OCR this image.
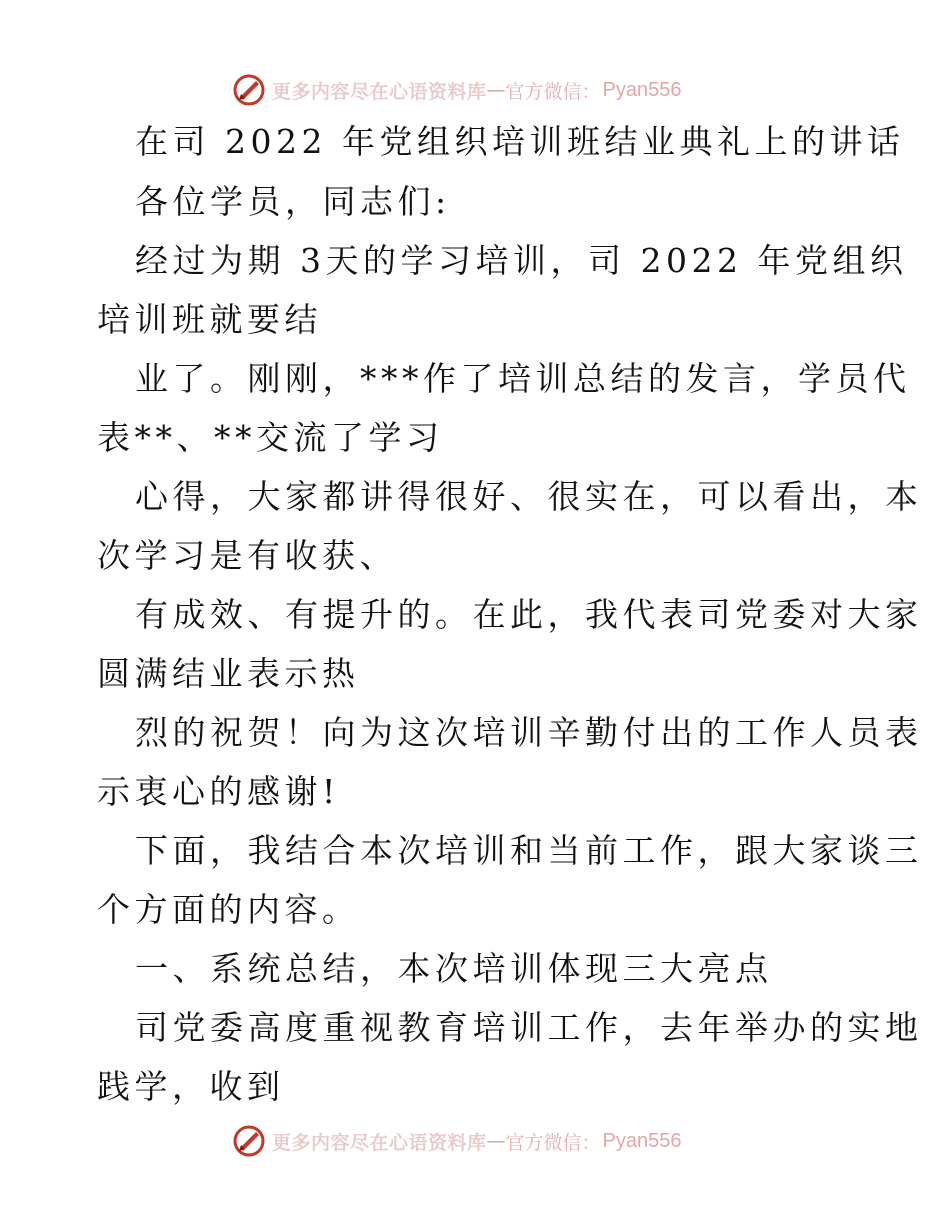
更多内容尽在心语资料库 — 官方微信： Pyan556
在司 2022 年党组织培训班结业典礼上的讲话
各位学员，同志们:
经过为期 3天的学习培训，司 2022 年党组织
培训班就要结
业了。刚刚，***作了培训总结的发言，学员代
表**、**交流了学习
心得，大家都讲得很好、很实在，可以看出，本
次学习是有收获、
有成效、有提升的。在此，我代表司党委对大家
圆满结业表示热
烈的祝贺！向为这次培训辛勤付出的工作人员表
示衷心的感谢!
下面，我结合本次培训和当前工作，跟大家谈三
个方面的内容。
一、系统总结，本次培训体现三大亮点
司党委高度重视教育培训工作，去年举办的实地
践学，收到
更多内容尽在心语资料库 — 官方微信： Pyan556
